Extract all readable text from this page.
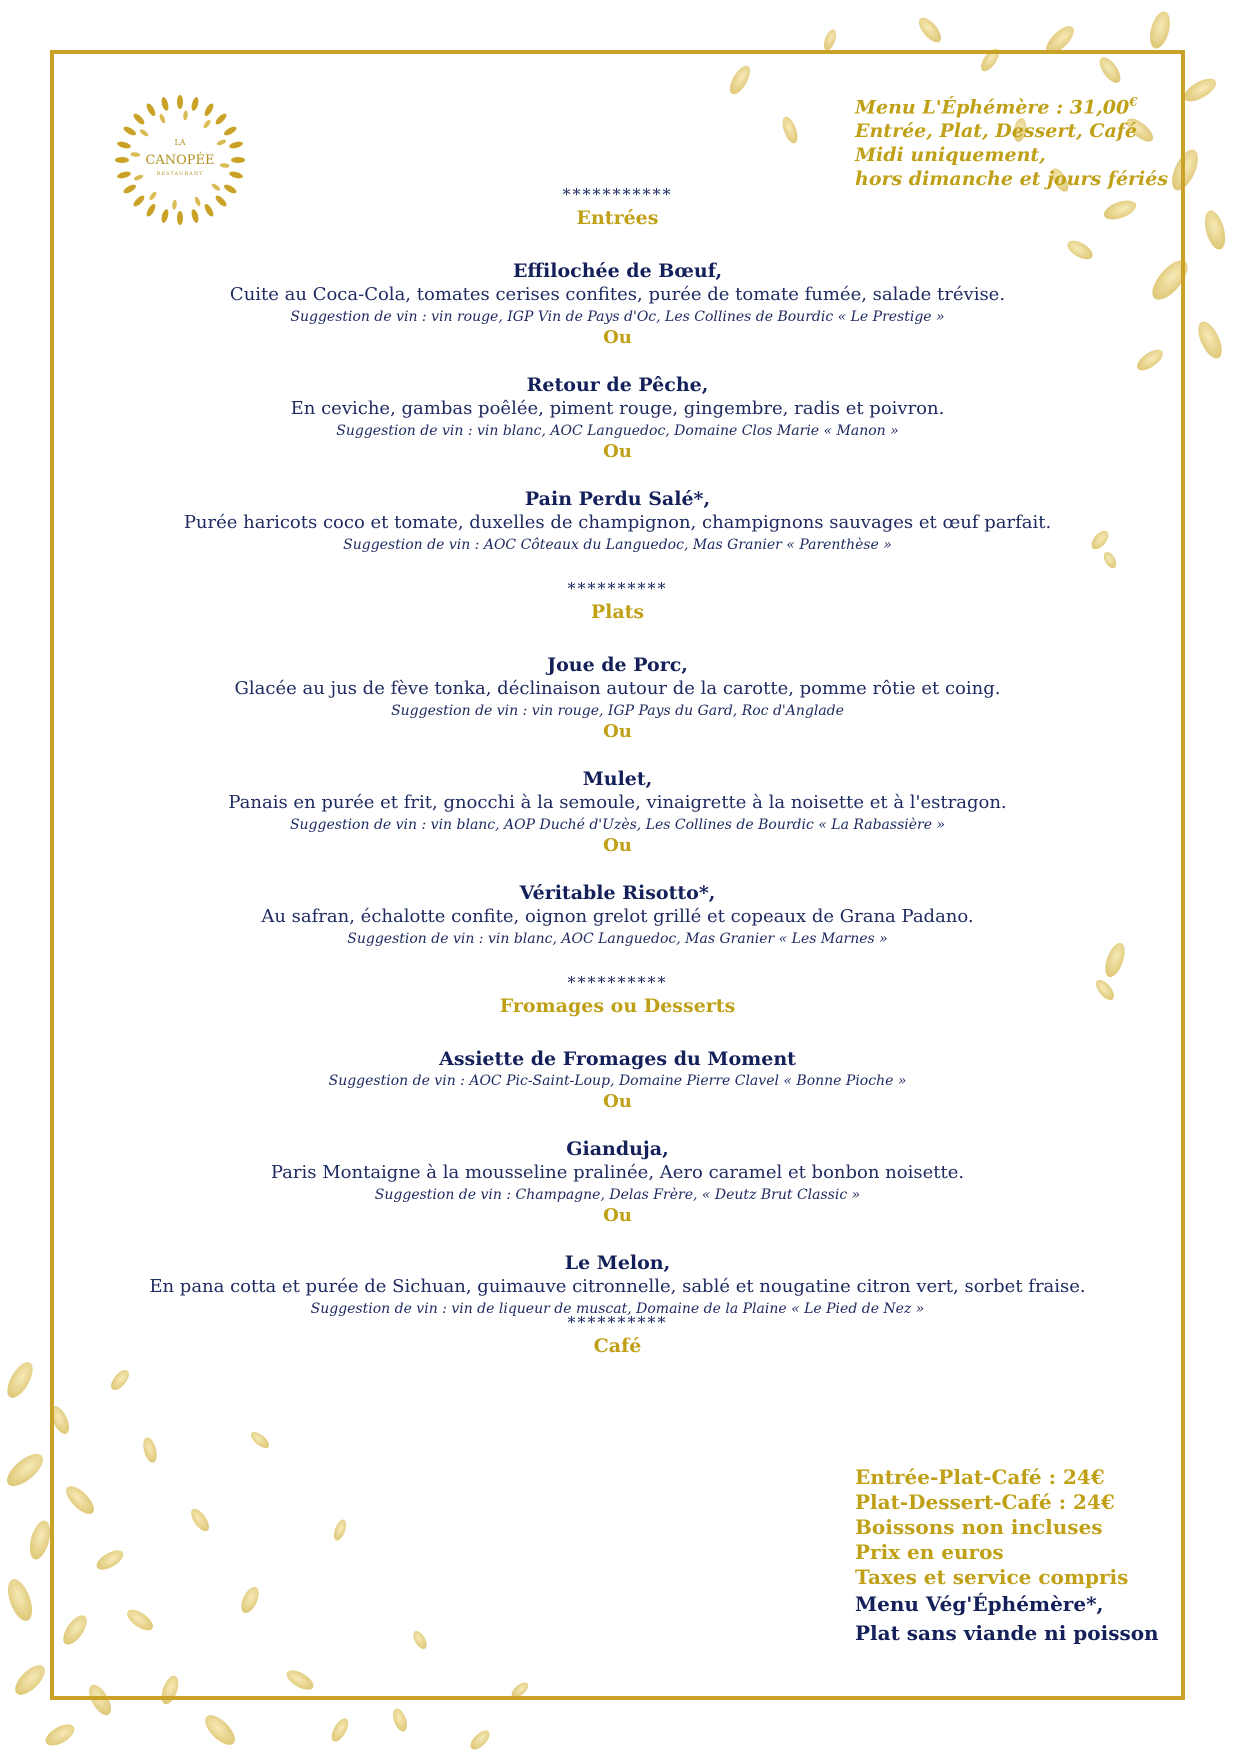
LA
CANOPÉE
RESTAURANT
Menu L'Éphémère : 31,00€
Entrée, Plat, Dessert, Café
Midi uniquement,
hors dimanche et jours fériés
***********
Entrées
Effilochée de Bœuf,
Cuite au Coca-Cola, tomates cerises confites, purée de tomate fumée, salade trévise.
Suggestion de vin : vin rouge, IGP Vin de Pays d'Oc, Les Collines de Bourdic « Le Prestige »
Ou
Retour de Pêche,
En ceviche, gambas poêlée, piment rouge, gingembre, radis et poivron.
Suggestion de vin : vin blanc, AOC Languedoc, Domaine Clos Marie « Manon »
Ou
Pain Perdu Salé*,
Purée haricots coco et tomate, duxelles de champignon, champignons sauvages et œuf parfait.
Suggestion de vin : AOC Côteaux du Languedoc, Mas Granier « Parenthèse »
**********
Plats
Joue de Porc,
Glacée au jus de fève tonka, déclinaison autour de la carotte, pomme rôtie et coing.
Suggestion de vin : vin rouge, IGP Pays du Gard, Roc d'Anglade
Ou
Mulet,
Panais en purée et frit, gnocchi à la semoule, vinaigrette à la noisette et à l'estragon.
Suggestion de vin : vin blanc, AOP Duché d'Uzès, Les Collines de Bourdic « La Rabassière »
Ou
Véritable Risotto*,
Au safran, échalotte confite, oignon grelot grillé et copeaux de Grana Padano.
Suggestion de vin : vin blanc, AOC Languedoc, Mas Granier « Les Marnes »
**********
Fromages ou Desserts
Assiette de Fromages du Moment
Suggestion de vin : AOC Pic-Saint-Loup, Domaine Pierre Clavel « Bonne Pioche »
Ou
Gianduja,
Paris Montaigne à la mousseline pralinée, Aero caramel et bonbon noisette.
Suggestion de vin : Champagne, Delas Frère, « Deutz Brut Classic »
Ou
Le Melon,
En pana cotta et purée de Sichuan, guimauve citronnelle, sablé et nougatine citron vert, sorbet fraise.
Suggestion de vin : vin de liqueur de muscat, Domaine de la Plaine « Le Pied de Nez »
**********
Café
Entrée-Plat-Café : 24€
Plat-Dessert-Café : 24€
Boissons non incluses
Prix en euros
Taxes et service compris
Menu Vég'Éphémère*,
Plat sans viande ni poisson
